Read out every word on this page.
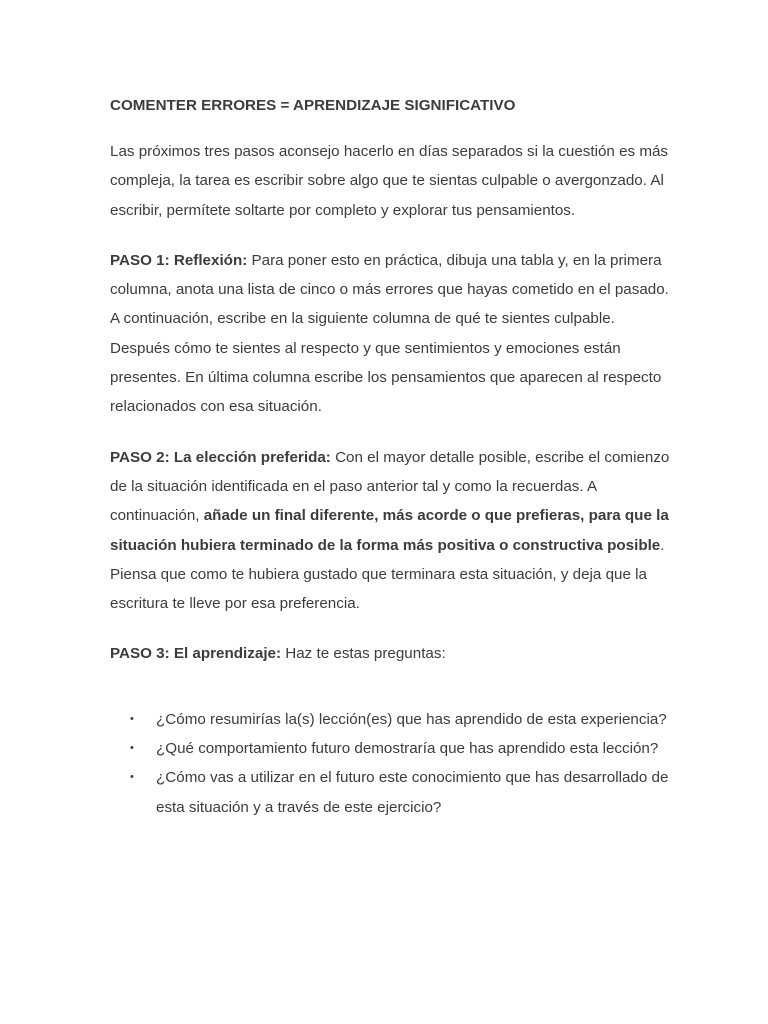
COMENTER ERRORES = APRENDIZAJE SIGNIFICATIVO

Las próximos tres pasos aconsejo hacerlo en días separados si la cuestión es más compleja, la tarea es escribir sobre algo que te sientas culpable o avergonzado. Al escribir, permítete soltarte por completo y explorar tus pensamientos.

PASO 1: Reflexión: Para poner esto en práctica, dibuja una tabla y, en la primera columna, anota una lista de cinco o más errores que hayas cometido en el pasado. A continuación, escribe en la siguiente columna de qué te sientes culpable. Después cómo te sientes al respecto y que sentimientos y emociones están presentes. En última columna escribe los pensamientos que aparecen al respecto relacionados con esa situación.

PASO 2: La elección preferida: Con el mayor detalle posible, escribe el comienzo de la situación identificada en el paso anterior tal y como la recuerdas. A continuación, añade un final diferente, más acorde o que prefieras, para que la situación hubiera terminado de la forma más positiva o constructiva posible. Piensa que como te hubiera gustado que terminara esta situación, y deja que la escritura te lleve por esa preferencia.

PASO 3: El aprendizaje: Haz te estas preguntas:

• ¿Cómo resumirías la(s) lección(es) que has aprendido de esta experiencia?
• ¿Qué comportamiento futuro demostraría que has aprendido esta lección?
• ¿Cómo vas a utilizar en el futuro este conocimiento que has desarrollado de esta situación y a través de este ejercicio?
